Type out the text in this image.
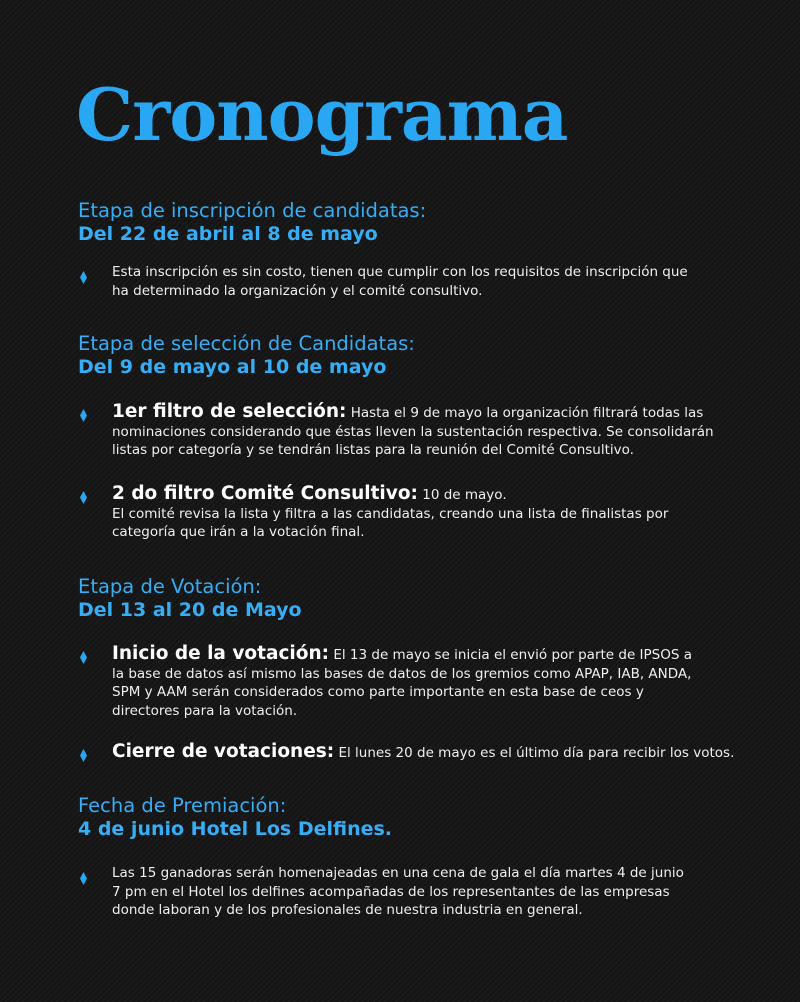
Cronograma
Etapa de inscripción de candidatas:
Del 22 de abril al 8 de mayo
Esta inscripción es sin costo, tienen que cumplir con los requisitos de inscripción que ha determinado la organización y el comité consultivo.
Etapa de selección de Candidatas:
Del 9 de mayo al 10 de mayo
1er filtro de selección: Hasta el 9 de mayo la organización filtrará todas las nominaciones considerando que éstas lleven la sustentación respectiva. Se consolidarán listas por categoría y se tendrán listas para la reunión del Comité Consultivo.
2 do filtro Comité Consultivo: 10 de mayo.
El comité revisa la lista y filtra a las candidatas, creando una lista de finalistas por categoría que irán a la votación final.
Etapa de Votación:
Del 13 al 20 de Mayo
Inicio de la votación: El 13 de mayo se inicia el envió por parte de IPSOS a la base de datos así mismo las bases de datos de los gremios como APAP, IAB, ANDA, SPM y AAM serán considerados como parte importante en esta base de ceos y directores para la votación.
Cierre de votaciones: El lunes 20 de mayo es el último día para recibir los votos.
Fecha de Premiación:
4 de junio Hotel Los Delfines.
Las 15 ganadoras serán homenajeadas en una cena de gala el día martes 4 de junio 7 pm en el Hotel los delfines acompañadas de los representantes de las empresas donde laboran y de los profesionales de nuestra industria en general.
